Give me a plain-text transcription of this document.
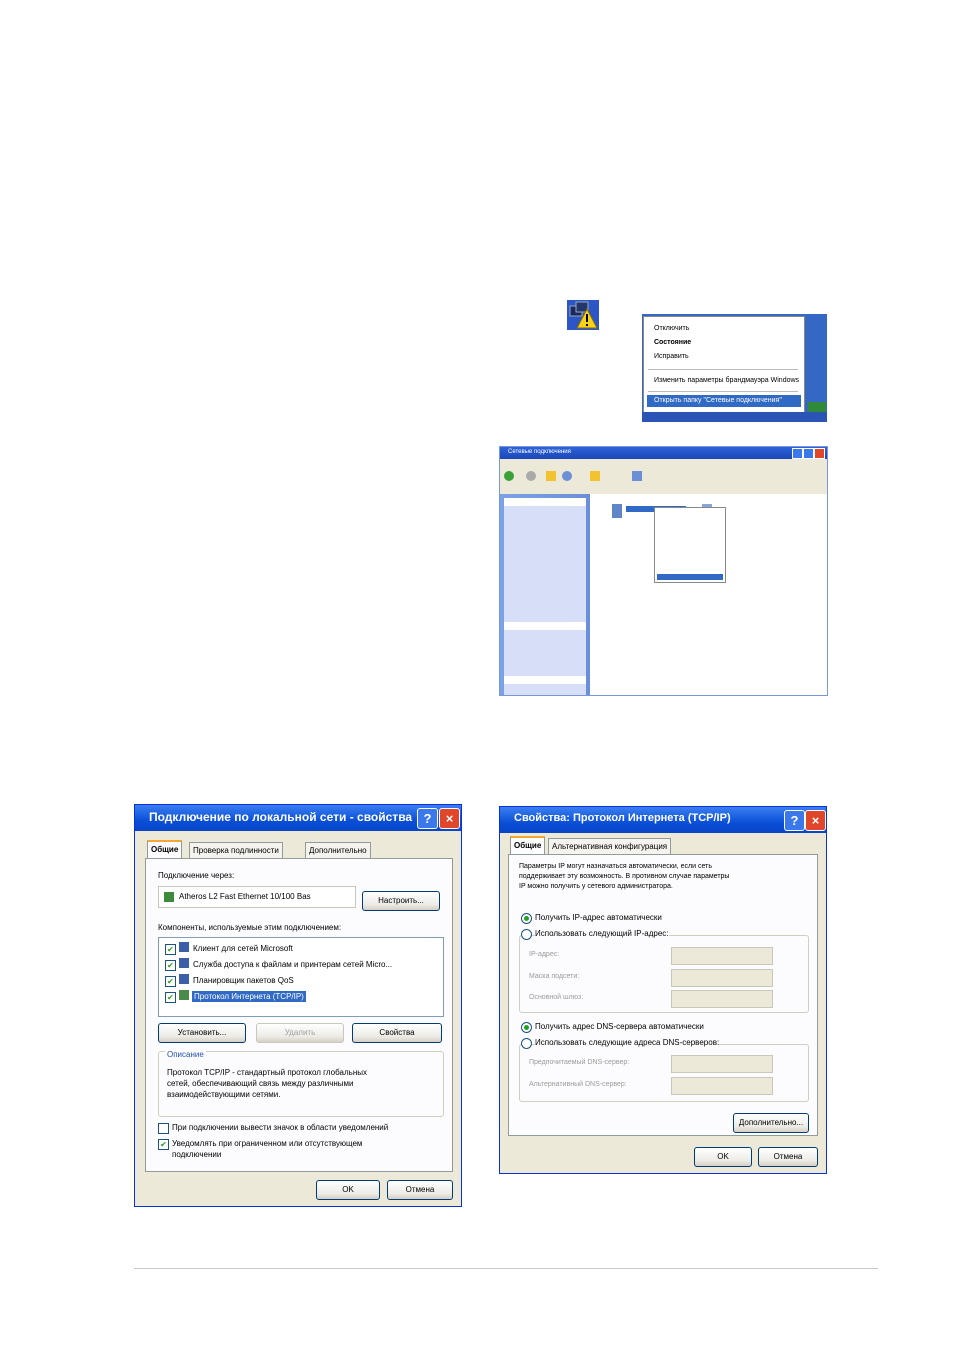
Отключить
Состояние
Исправить
Изменить параметры брандмауэра Windows
Открыть папку "Сетевые подключения"
Сетевые подключения
Подключение по локальной сети - свойства ?	×
Общие	Проверка подлинности	Дополнительно
Подключение через:
Atheros L2 Fast Ethernet 10/100 Bas	Настроить...
Компоненты, используемые этим подключением:
✔ Клиент для сетей Microsoft
✔ Служба доступа к файлам и принтерам сетей Micro...
✔ Планировщик пакетов QoS
✔	Протокол Интернета (TCP/IP)
Установить...	Удалить	Свойства
Описание
Протокол TCP/IP - стандартный протокол глобальных
сетей, обеспечивающий связь между различными
взаимодействующими сетями.
При подключении вывести значок в области уведомлений
✔ Уведомлять при ограниченном или отсутствующем
подключении
OK	Отмена
Свойства: Протокол Интернета (TCP/IP)	?	×
Общие	Альтернативная конфигурация
Параметры IP могут назначаться автоматически, если сеть
поддерживает эту возможность. В противном случае параметры
IP можно получить у сетевого администратора.
Получить IP-адрес автоматически
Использовать следующий IP-адрес:
IP-адрес:
Маска подсети:
Основной шлюз:
Получить адрес DNS-сервера автоматически
Использовать следующие адреса DNS-серверов:
Предпочитаемый DNS-сервер:
Альтернативный DNS-сервер:
Дополнительно...
OK	Отмена
